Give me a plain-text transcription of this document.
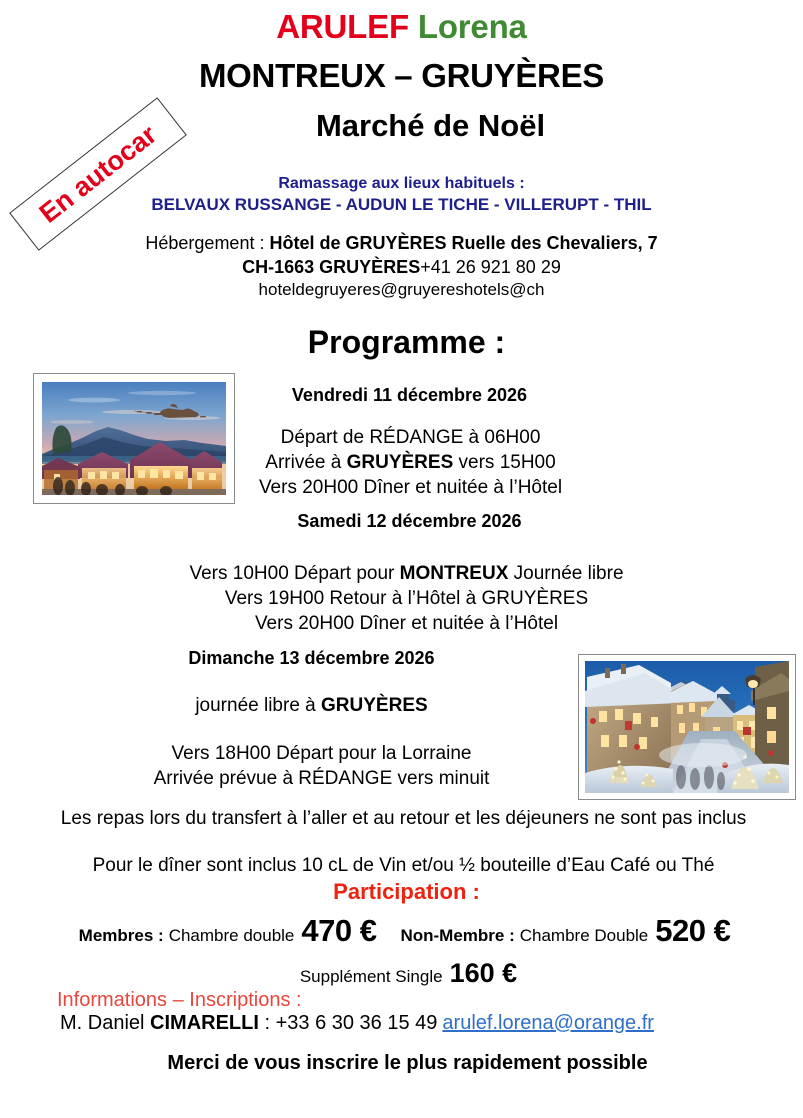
ARULEF Lorena
MONTREUX – GRUYÈRES
Marché de Noël
En autocar	Ramassage aux lieux habituels :
BELVAUX RUSSANGE - AUDUN LE TICHE - VILLERUPT - THIL
Hébergement : Hôtel de GRUYÈRES Ruelle des Chevaliers, 7
CH-1663 GRUYÈRES+41 26 921 80 29
hoteldegruyeres@gruyereshotels@ch
Programme :
Vendredi 11 décembre 2026
Départ de RÉDANGE à 06H00
Arrivée à GRUYÈRES vers 15H00
Vers 20H00 Dîner et nuitée à l’Hôtel
Samedi 12 décembre 2026
Vers 10H00 Départ pour MONTREUX Journée libre
Vers 19H00 Retour à l’Hôtel à GRUYÈRES
Vers 20H00 Dîner et nuitée à l’Hôtel
Dimanche 13 décembre 2026
journée libre à GRUYÈRES
Vers 18H00 Départ pour la Lorraine
Arrivée prévue à RÉDANGE vers minuit
Les repas lors du transfert à l’aller et au retour et les déjeuners ne sont pas inclus
Pour le dîner sont inclus 10 cL de Vin et/ou ½ bouteille d’Eau Café ou Thé
Participation :
Membres : Chambre double 470 € Non-Membre : Chambre Double 520 €
Supplément Single 160 €
Informations – Inscriptions :
M. Daniel CIMARELLI : +33 6 30 36 15 49 arulef.lorena@orange.fr
Merci de vous inscrire le plus rapidement possible
